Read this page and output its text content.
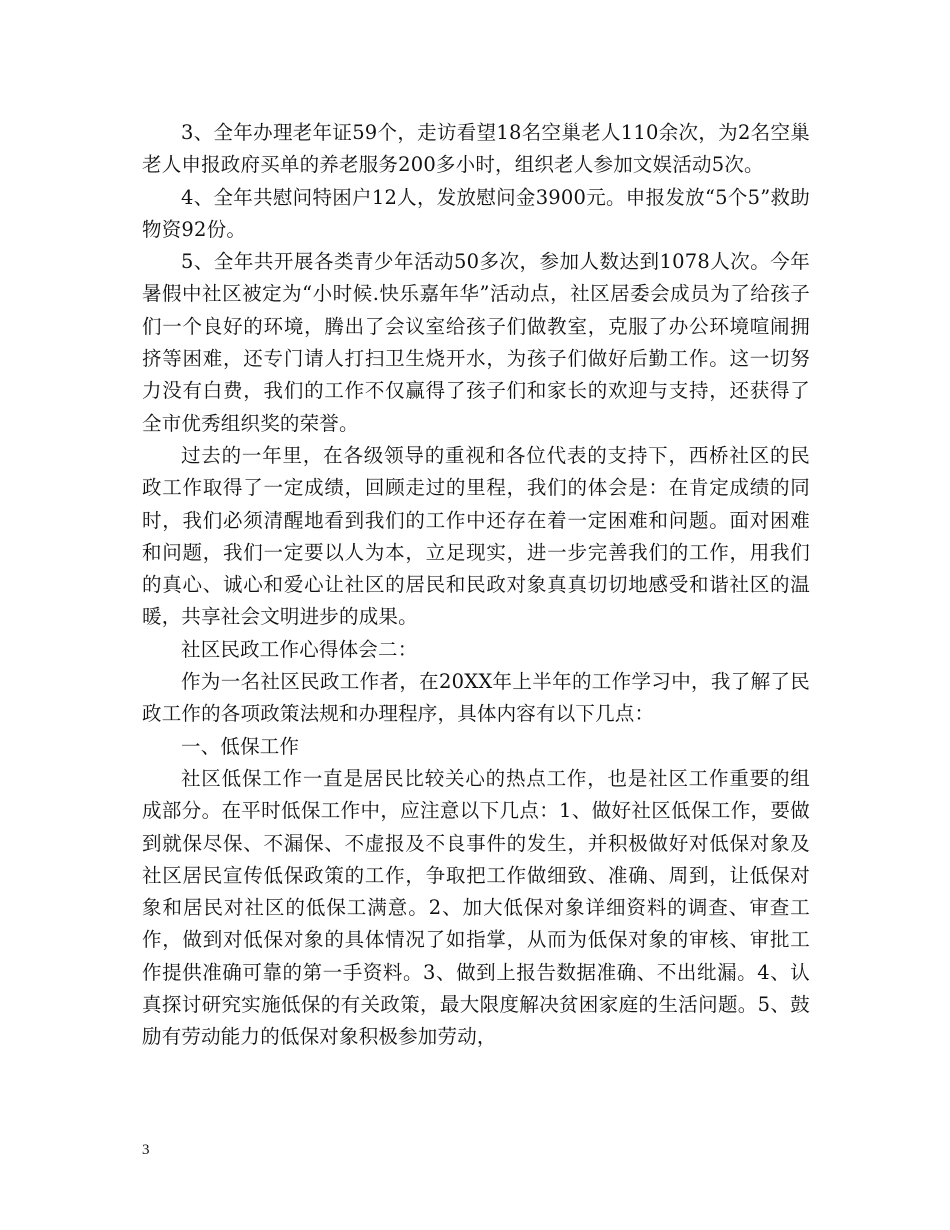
3、全年办理老年证59个，走访看望18名空巢老人110余次，为2名空巢老人申报政府买单的养老服务200多小时，组织老人参加文娱活动5次。

4、全年共慰问特困户12人，发放慰问金3900元。申报发放“5个5”救助物资92份。

5、全年共开展各类青少年活动50多次，参加人数达到1078人次。今年暑假中社区被定为“小时候.快乐嘉年华”活动点，社区居委会成员为了给孩子们一个良好的环境，腾出了会议室给孩子们做教室，克服了办公环境喧闹拥挤等困难，还专门请人打扫卫生烧开水，为孩子们做好后勤工作。这一切努力没有白费，我们的工作不仅赢得了孩子们和家长的欢迎与支持，还获得了全市优秀组织奖的荣誉。

过去的一年里，在各级领导的重视和各位代表的支持下，西桥社区的民政工作取得了一定成绩，回顾走过的里程，我们的体会是：在肯定成绩的同时，我们必须清醒地看到我们的工作中还存在着一定困难和问题。面对困难和问题，我们一定要以人为本，立足现实，进一步完善我们的工作，用我们的真心、诚心和爱心让社区的居民和民政对象真真切切地感受和谐社区的温暖，共享社会文明进步的成果。

社区民政工作心得体会二：

作为一名社区民政工作者，在20XX年上半年的工作学习中，我了解了民政工作的各项政策法规和办理程序，具体内容有以下几点：

一、低保工作

社区低保工作一直是居民比较关心的热点工作，也是社区工作重要的组成部分。在平时低保工作中，应注意以下几点：1、做好社区低保工作，要做到就保尽保、不漏保、不虚报及不良事件的发生，并积极做好对低保对象及社区居民宣传低保政策的工作，争取把工作做细致、准确、周到，让低保对象和居民对社区的低保工满意。2、加大低保对象详细资料的调查、审查工作，做到对低保对象的具体情况了如指掌，从而为低保对象的审核、审批工作提供准确可靠的第一手资料。3、做到上报告数据准确、不出纰漏。4、认真探讨研究实施低保的有关政策，最大限度解决贫困家庭的生活问题。5、鼓励有劳动能力的低保对象积极参加劳动，

3
